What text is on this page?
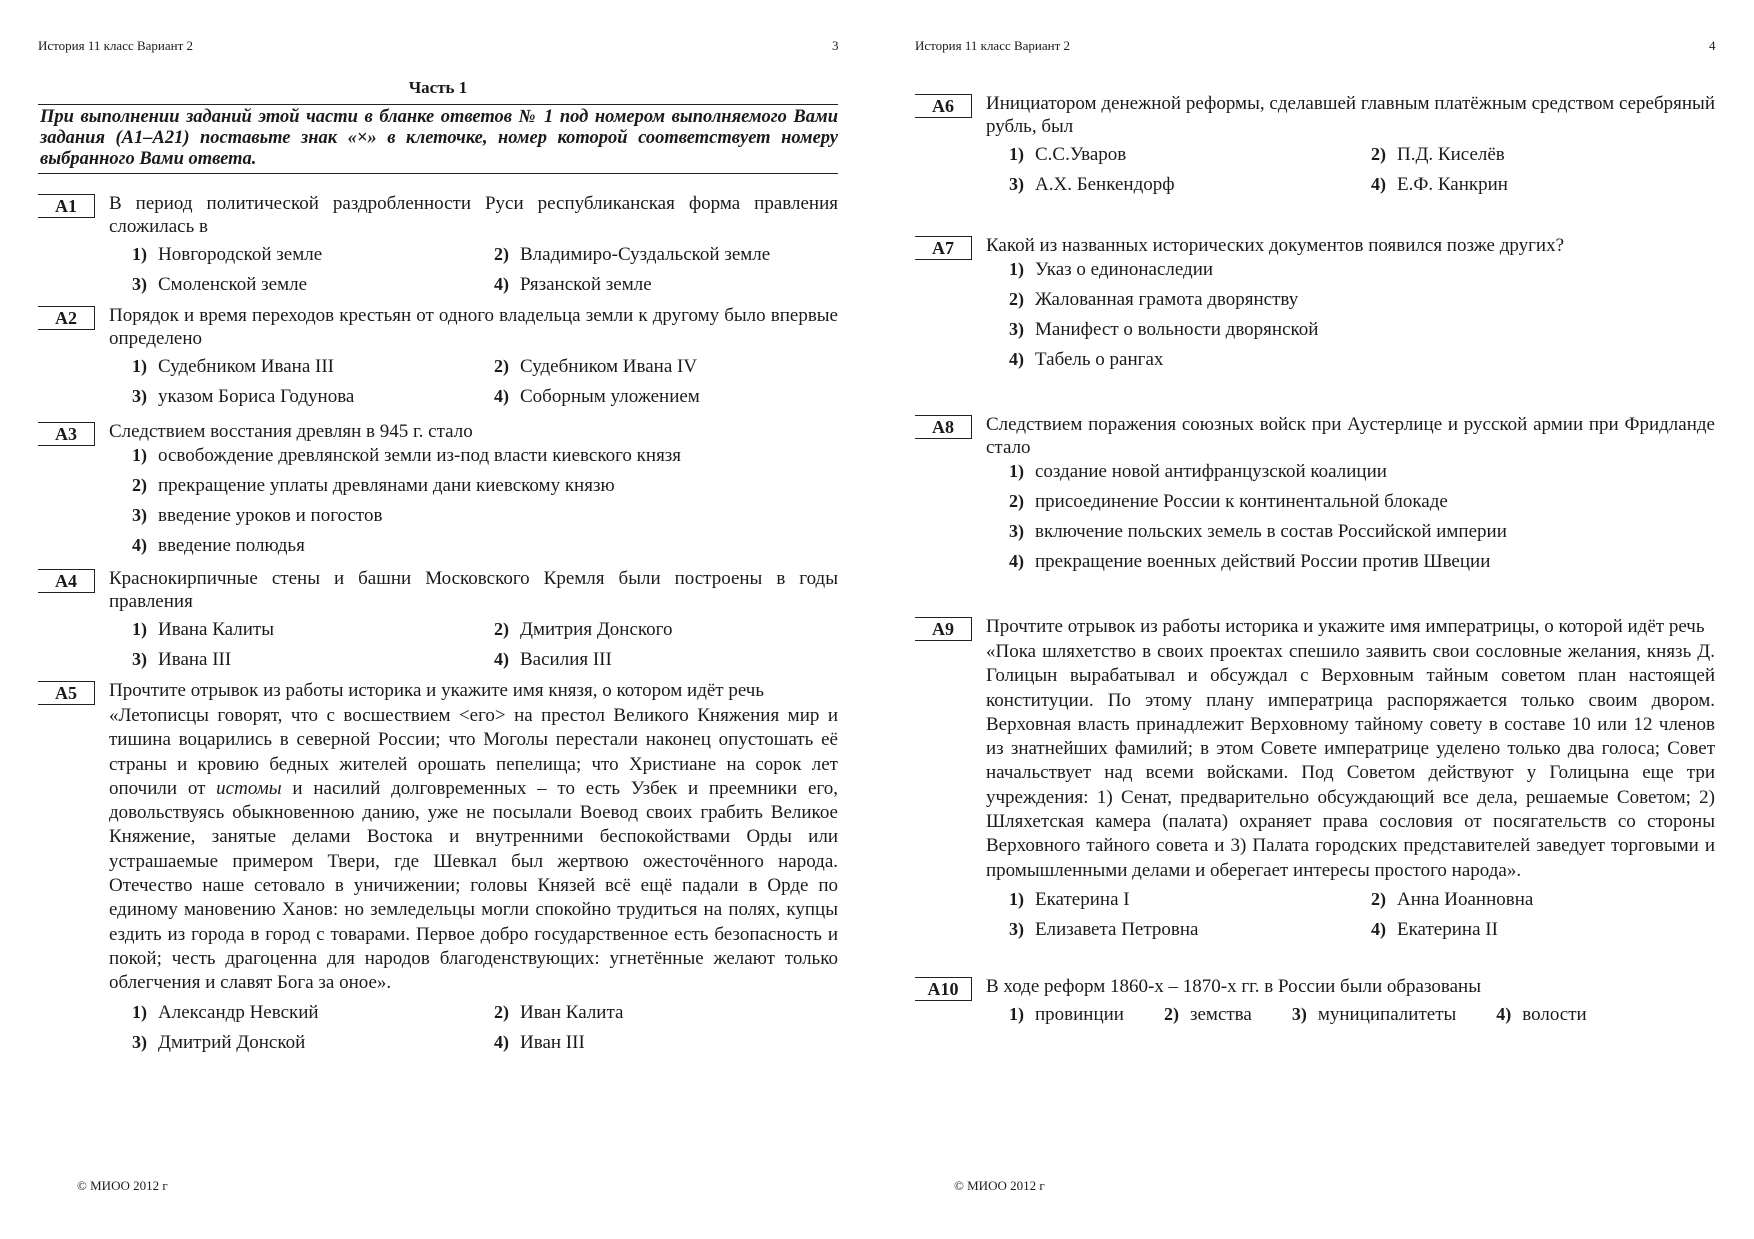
История 11 класс Вариант 2	3
Часть 1
При выполнении заданий этой части в бланке ответов № 1 под номером выполняемого Вами задания (А1–А21) поставьте знак «×» в клеточке, номер которой соответствует номеру выбранного Вами ответа.
А1	В период политической раздробленности Руси республиканская форма правления сложилась в
1) Новгородской земле	2) Владимиро-Суздальской земле
3) Смоленской земле	4) Рязанской земле
А2	Порядок и время переходов крестьян от одного владельца земли к другому было впервые определено
1) Судебником Ивана III	2) Судебником Ивана IV
3) указом Бориса Годунова	4) Соборным уложением
А3	Следствием восстания древлян в 945 г. стало
1) освобождение древлянской земли из-под власти киевского князя
2) прекращение уплаты древлянами дани киевскому князю
3) введение уроков и погостов
4) введение полюдья
А4	Краснокирпичные стены и башни Московского Кремля были построены в годы правления
1) Ивана Калиты	2) Дмитрия Донского
3) Ивана III	4) Василия III
А5	Прочтите отрывок из работы историка и укажите имя князя, о котором идёт речь
«Летописцы говорят, что с восшествием <его> на престол Великого Княжения мир и тишина воцарились в северной России; что Моголы перестали наконец опустошать её страны и кровию бедных жителей орошать пепелища; что Христиане на сорок лет опочили от истомы и насилий долговременных – то есть Узбек и преемники его, довольствуясь обыкновенною данию, уже не посылали Воевод своих грабить Великое Княжение, занятые делами Востока и внутренними беспокойствами Орды или устрашаемые примером Твери, где Шевкал был жертвою ожесточённого народа. Отечество наше сетовало в уничижении; головы Князей всё ещё падали в Орде по единому мановению Ханов: но земледельцы могли спокойно трудиться на полях, купцы ездить из города в город с товарами. Первое добро государственное есть безопасность и покой; честь драгоценна для народов благоденствующих: угнетённые желают только облегчения и славят Бога за оное».
1) Александр Невский	2) Иван Калита
3) Дмитрий Донской	4) Иван III
© МИОО 2012 г
История 11 класс Вариант 2	4
А6	Инициатором денежной реформы, сделавшей главным платёжным средством серебряный рубль, был
1) С.С.Уваров	2) П.Д. Киселёв
3) А.Х. Бенкендорф	4) Е.Ф. Канкрин
А7	Какой из названных исторических документов появился позже других?
1) Указ о единонаследии
2) Жалованная грамота дворянству
3) Манифест о вольности дворянской
4) Табель о рангах
А8	Следствием поражения союзных войск при Аустерлице и русской армии при Фридланде стало
1) создание новой антифранцузской коалиции
2) присоединение России к континентальной блокаде
3) включение польских земель в состав Российской империи
4) прекращение военных действий России против Швеции
А9	Прочтите отрывок из работы историка и укажите имя императрицы, о которой идёт речь
«Пока шляхетство в своих проектах спешило заявить свои сословные желания, князь Д. Голицын вырабатывал и обсуждал с Верховным тайным советом план настоящей конституции. По этому плану императрица распоряжается только своим двором. Верховная власть принадлежит Верховному тайному совету в составе 10 или 12 членов из знатнейших фамилий; в этом Совете императрице уделено только два голоса; Совет начальствует над всеми войсками. Под Советом действуют у Голицына еще три учреждения: 1) Сенат, предварительно обсуждающий все дела, решаемые Советом; 2) Шляхетская камера (палата) охраняет права сословия от посягательств со стороны Верховного тайного совета и 3) Палата городских представителей заведует торговыми и промышленными делами и оберегает интересы простого народа».
1) Екатерина I	2) Анна Иоанновна
3) Елизавета Петровна	4) Екатерина II
А10	В ходе реформ 1860-х – 1870-х гг. в России были образованы
1) провинции 2) земства 3) муниципалитеты 4) волости
© МИОО 2012 г
